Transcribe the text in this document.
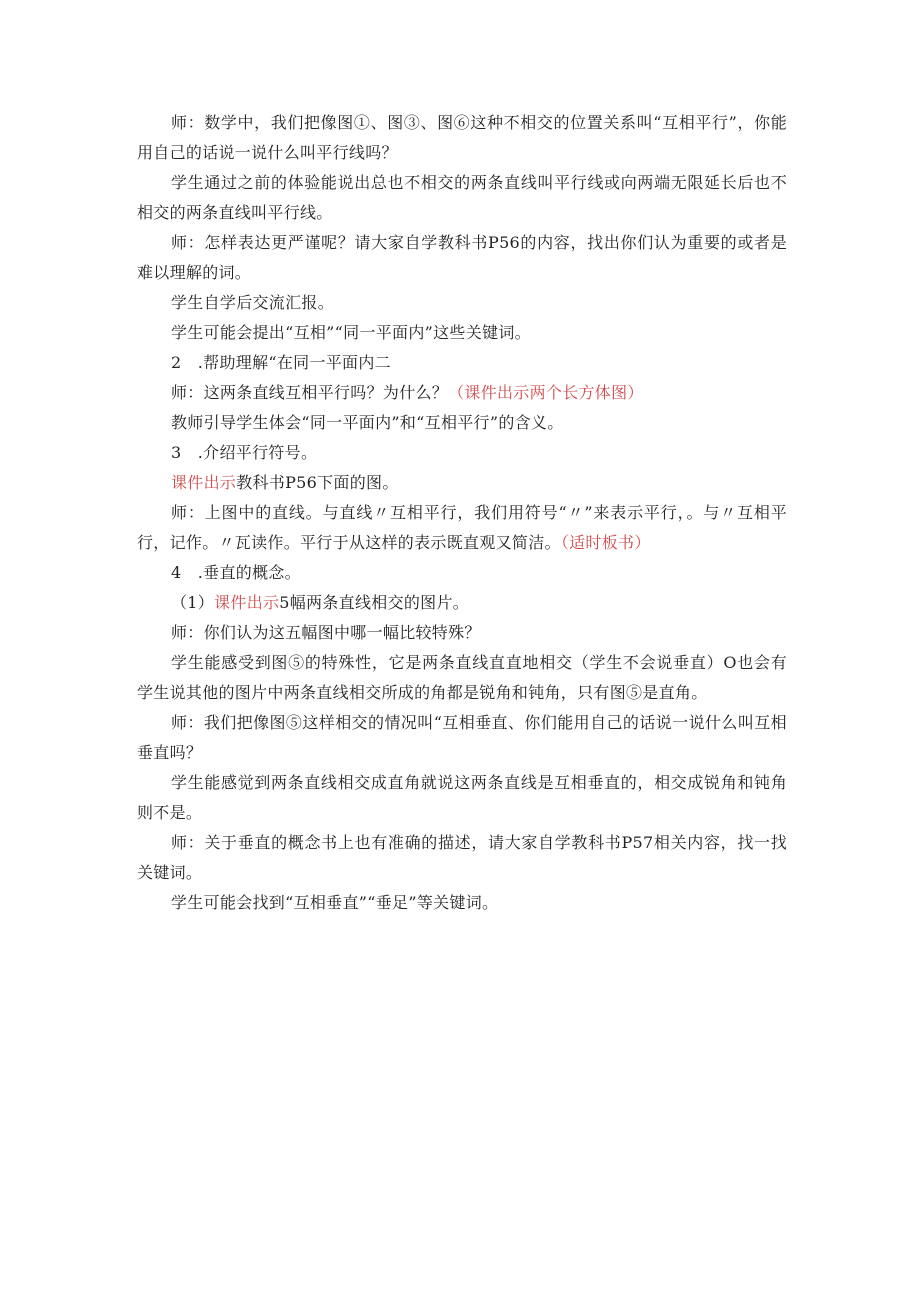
师：数学中，我们把像图①、图③、图⑥这种不相交的位置关系叫“互相平行”，你能用自己的话说一说什么叫平行线吗？

学生通过之前的体验能说出总也不相交的两条直线叫平行线或向两端无限延长后也不相交的两条直线叫平行线。

师：怎样表达更严谨呢？请大家自学教科书P56的内容，找出你们认为重要的或者是难以理解的词。

学生自学后交流汇报。

学生可能会提出“互相”“同一平面内”这些关键词。

2　.帮助理解“在同一平面内二

师：这两条直线互相平行吗？为什么？（课件出示两个长方体图）

教师引导学生体会“同一平面内”和“互相平行”的含义。

3　.介绍平行符号。

课件出示教科书P56下面的图。

师：上图中的直线。与直线〃互相平行，我们用符号“〃”来表示平行，。与〃互相平行，记作。〃瓦读作。平行于从这样的表示既直观又简洁。（适时板书）

4　.垂直的概念。

（1）课件出示5幅两条直线相交的图片。

师：你们认为这五幅图中哪一幅比较特殊？

学生能感受到图⑤的特殊性，它是两条直线直直地相交（学生不会说垂直）O也会有学生说其他的图片中两条直线相交所成的角都是锐角和钝角，只有图⑤是直角。

师：我们把像图⑤这样相交的情况叫“互相垂直、你们能用自己的话说一说什么叫互相垂直吗？

学生能感觉到两条直线相交成直角就说这两条直线是互相垂直的，相交成锐角和钝角则不是。

师：关于垂直的概念书上也有准确的描述，请大家自学教科书P57相关内容，找一找关键词。

学生可能会找到“互相垂直”“垂足”等关键词。
